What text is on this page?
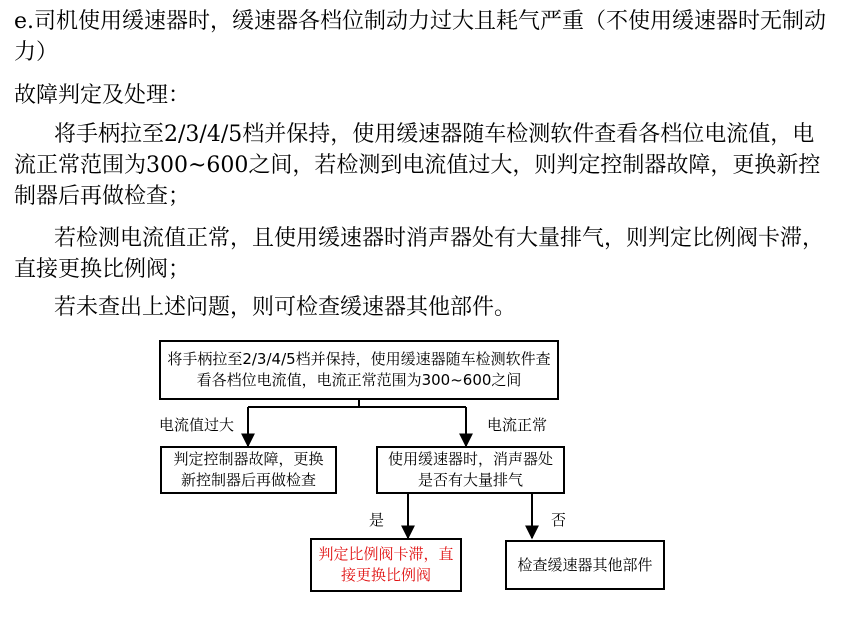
e.司机使用缓速器时，缓速器各档位制动力过大且耗气严重（不使用缓速器时无制动力）
故障判定及处理：
将手柄拉至2/3/4/5档并保持，使用缓速器随车检测软件查看各档位电流值，电流正常范围为300~600之间，若检测到电流值过大，则判定控制器故障，更换新控制器后再做检查；
若检测电流值正常，且使用缓速器时消声器处有大量排气，则判定比例阀卡滞，直接更换比例阀；
若未查出上述问题，则可检查缓速器其他部件。
将手柄拉至2/3/4/5档并保持，使用缓速器随车检测软件查看各档位电流值，电流正常范围为300~600之间
电流值过大	电流正常
判定控制器故障，更换新控制器后再做检查
使用缓速器时，消声器处是否有大量排气
是	否
判定比例阀卡滞，直接更换比例阀
检查缓速器其他部件
